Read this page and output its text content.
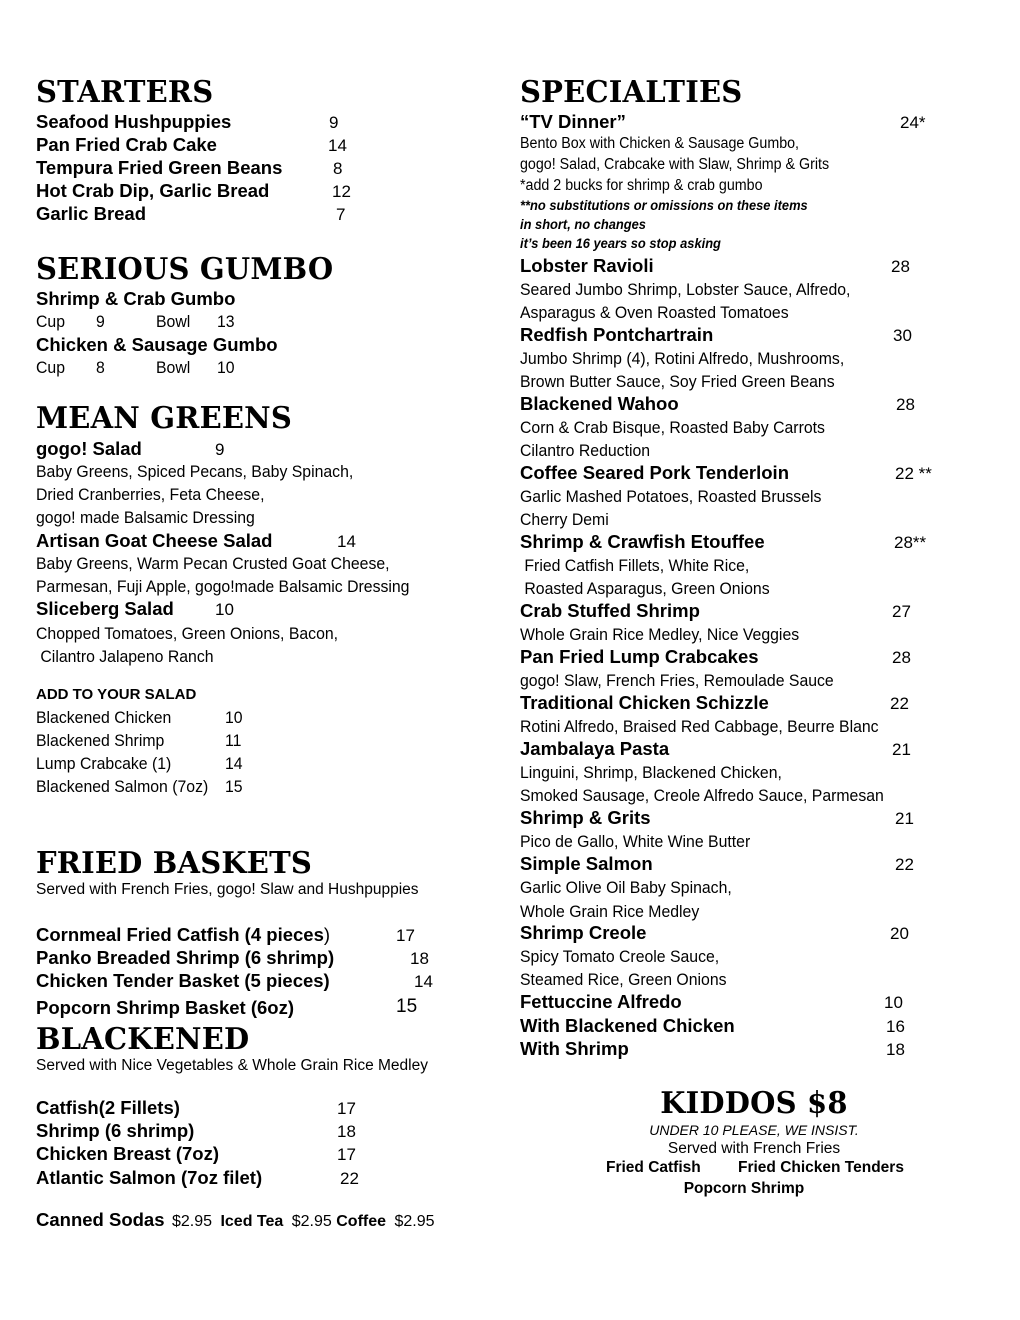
STARTERS
Seafood Hushpuppies	9
Pan Fried Crab Cake	14
Tempura Fried Green Beans	8
Hot Crab Dip, Garlic Bread	12
Garlic Bread	7
SERIOUS GUMBO
Shrimp & Crab Gumbo
Cup 9	Bowl 13
Chicken & Sausage Gumbo
Cup 8	Bowl 10
MEAN GREENS
gogo! Salad	9
Baby Greens, Spiced Pecans, Baby Spinach,
Dried Cranberries, Feta Cheese,
gogo! made Balsamic Dressing
Artisan Goat Cheese Salad	14
Baby Greens, Warm Pecan Crusted Goat Cheese,
Parmesan, Fuji Apple, gogo!made Balsamic Dressing
Sliceberg Salad 10
Chopped Tomatoes, Green Onions, Bacon,
Cilantro Jalapeno Ranch
ADD TO YOUR SALAD
Blackened Chicken	10
Blackened Shrimp	11
Lump Crabcake (1)	14
Blackened Salmon (7oz) 15
FRIED BASKETS
Served with French Fries, gogo! Slaw and Hushpuppies
Cornmeal Fried Catfish (4 pieces)	17
Panko Breaded Shrimp (6 shrimp)	18
Chicken Tender Basket (5 pieces)	14
Popcorn Shrimp Basket (6oz)	15
BLACKENED
Served with Nice Vegetables & Whole Grain Rice Medley
Catfish(2 Fillets)	17
Shrimp (6 shrimp)	18
Chicken Breast (7oz)	17
Atlantic Salmon (7oz filet)	22
Canned Sodas $2.95 Iced Tea $2.95 Coffee $2.95
SPECIALTIES
“TV Dinner”	24*
Bento Box with Chicken & Sausage Gumbo,
gogo! Salad, Crabcake with Slaw, Shrimp & Grits
*add 2 bucks for shrimp & crab gumbo
**no substitutions or omissions on these items
in short, no changes
it’s been 16 years so stop asking
Lobster Ravioli	28
Seared Jumbo Shrimp, Lobster Sauce, Alfredo,
Asparagus & Oven Roasted Tomatoes
Redfish Pontchartrain	30
Jumbo Shrimp (4), Rotini Alfredo, Mushrooms,
Brown Butter Sauce, Soy Fried Green Beans
Blackened Wahoo	28
Corn & Crab Bisque, Roasted Baby Carrots
Cilantro Reduction
Coffee Seared Pork Tenderloin	22 **
Garlic Mashed Potatoes, Roasted Brussels
Cherry Demi
Shrimp & Crawfish Etouffee	28**
Fried Catfish Fillets, White Rice,
Roasted Asparagus, Green Onions
Crab Stuffed Shrimp	27
Whole Grain Rice Medley, Nice Veggies
Pan Fried Lump Crabcakes	28
gogo! Slaw, French Fries, Remoulade Sauce
Traditional Chicken Schizzle	22
Rotini Alfredo, Braised Red Cabbage, Beurre Blanc
Jambalaya Pasta	21
Linguini, Shrimp, Blackened Chicken,
Smoked Sausage, Creole Alfredo Sauce, Parmesan
Shrimp & Grits	21
Pico de Gallo, White Wine Butter
Simple Salmon	22
Garlic Olive Oil Baby Spinach,
Whole Grain Rice Medley
Shrimp Creole	20
Spicy Tomato Creole Sauce,
Steamed Rice, Green Onions
Fettuccine Alfredo	10
With Blackened Chicken	16
With Shrimp	18
KIDDOS $8
UNDER 10 PLEASE, WE INSIST.
Served with French Fries
Fried Catfish Fried Chicken Tenders
Popcorn Shrimp
